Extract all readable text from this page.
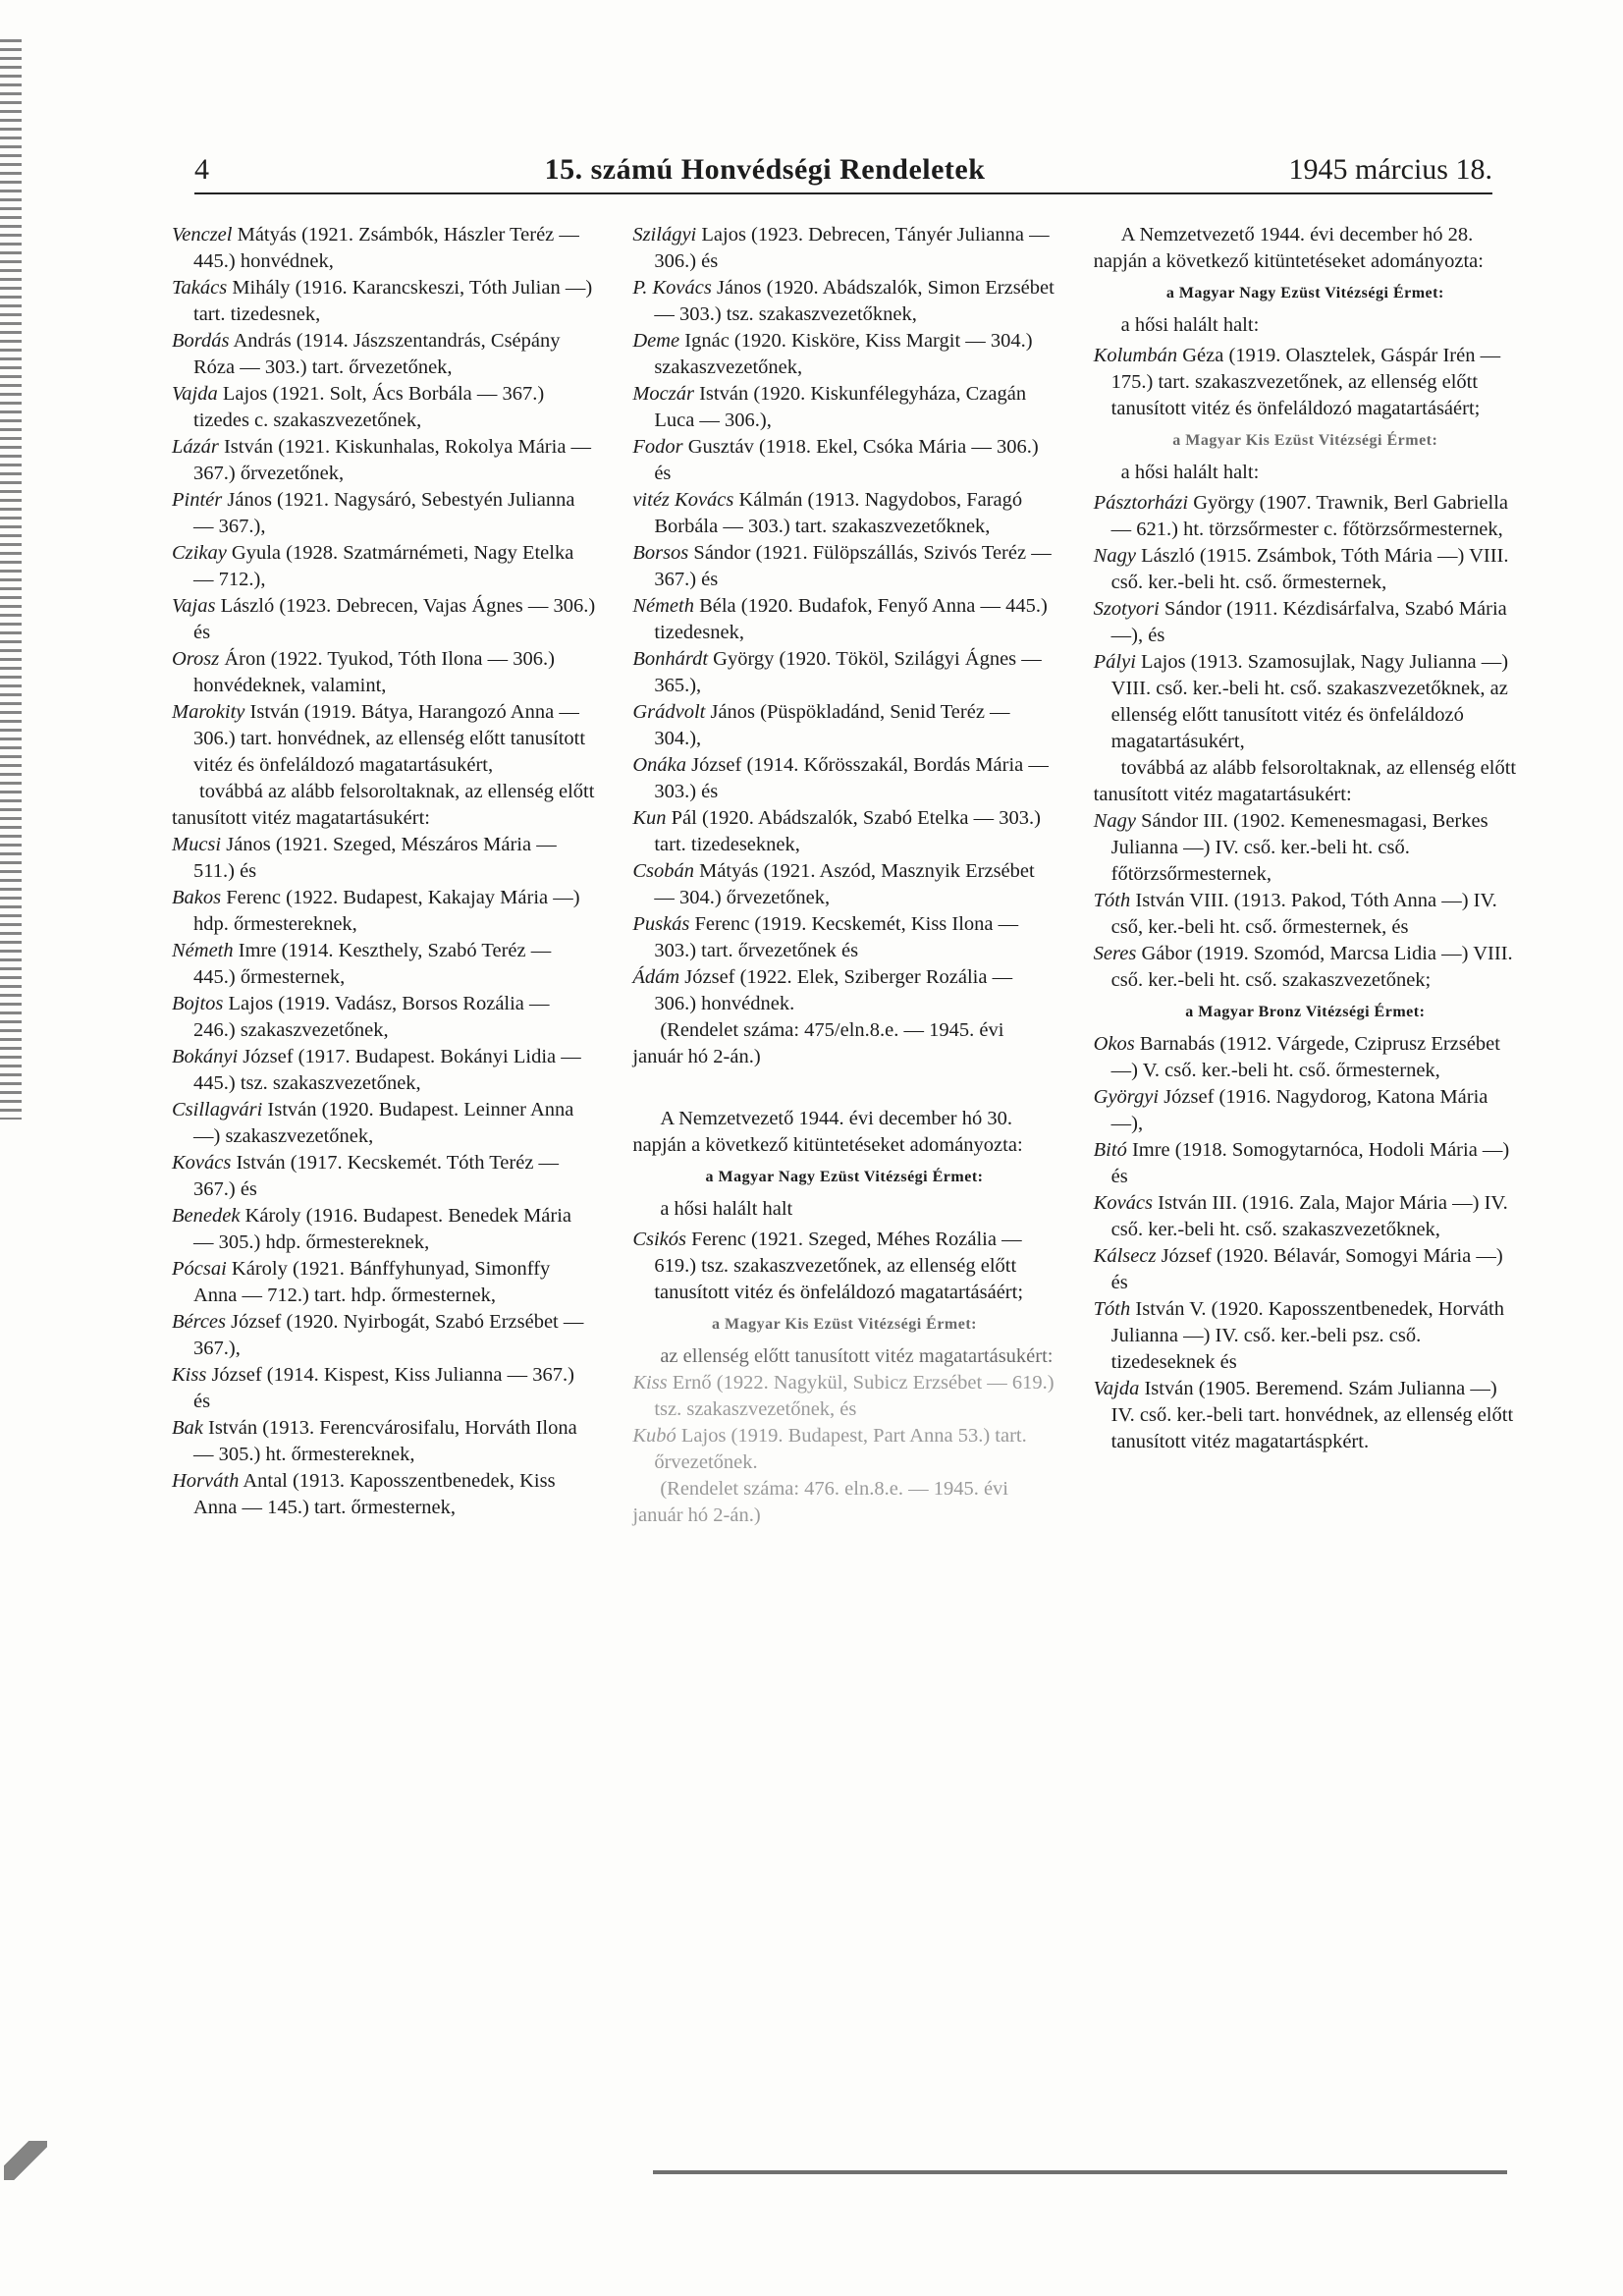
4	15. számú Honvédségi Rendeletek	1945 március 18.

Venczel Mátyás (1921. Zsámbók, Hászler Teréz — 445.) honvédnek,

Takács Mihály (1916. Karancskeszi, Tóth Julian —) tart. tizedesnek,

Bordás András (1914. Jászszentandrás, Csépány Róza — 303.) tart. őrvezetőnek,

Vajda Lajos (1921. Solt, Ács Borbála — 367.) tizedes c. szakaszvezetőnek,

Lázár István (1921. Kiskunhalas, Rokolya Mária — 367.) őrvezetőnek,

Pintér János (1921. Nagysáró, Sebestyén Julianna — 367.),

Czikay Gyula (1928. Szatmárnémeti, Nagy Etelka — 712.),

Vajas László (1923. Debrecen, Vajas Ágnes — 306.) és

Orosz Áron (1922. Tyukod, Tóth Ilona — 306.) honvédeknek, valamint,

Marokity István (1919. Bátya, Harangozó Anna — 306.) tart. honvédnek, az ellenség előtt tanusított vitéz és önfeláldozó magatartásukért,

továbbá az alább felsoroltaknak, az ellenség előtt tanusított vitéz magatartásukért:

Mucsi János (1921. Szeged, Mészáros Mária — 511.) és

Bakos Ferenc (1922. Budapest, Kakajay Mária —) hdp. őrmestereknek,

Németh Imre (1914. Keszthely, Szabó Teréz — 445.) őrmesternek,

Bojtos Lajos (1919. Vadász, Borsos Rozália — 246.) szakaszvezetőnek,

Bokányi József (1917. Budapest. Bokányi Lidia — 445.) tsz. szakaszvezetőnek,

Csillagvári István (1920. Budapest. Leinner Anna —) szakaszvezetőnek,

Kovács István (1917. Kecskemét. Tóth Teréz — 367.) és

Benedek Károly (1916. Budapest. Benedek Mária — 305.) hdp. őrmestereknek,

Pócsai Károly (1921. Bánffyhunyad, Simonffy Anna — 712.) tart. hdp. őrmesternek,

Bérces József (1920. Nyirbogát, Szabó Erzsébet — 367.),

Kiss József (1914. Kispest, Kiss Julianna — 367.) és

Bak István (1913. Ferencvárosifalu, Horváth Ilona — 305.) ht. őrmestereknek,

Horváth Antal (1913. Kaposszentbenedek, Kiss Anna — 145.) tart. őrmesternek,

Szilágyi Lajos (1923. Debrecen, Tányér Julianna — 306.) és

P. Kovács János (1920. Abádszalók, Simon Erzsébet — 303.) tsz. szakaszvezetőknek,

Deme Ignác (1920. Kisköre, Kiss Margit — 304.) szakaszvezetőnek,

Moczár István (1920. Kiskunfélegyháza, Czagán Luca — 306.),

Fodor Gusztáv (1918. Ekel, Csóka Mária — 306.) és

vitéz Kovács Kálmán (1913. Nagydobos, Faragó Borbála — 303.) tart. szakaszvezetőknek,

Borsos Sándor (1921. Fülöpszállás, Szivós Teréz — 367.) és

Németh Béla (1920. Budafok, Fenyő Anna — 445.) tizedesnek,

Bonhárdt György (1920. Tököl, Szilágyi Ágnes — 365.),

Grádvolt János (Püspökladánd, Senid Teréz — 304.),

Onáka József (1914. Kőrösszakál, Bordás Mária — 303.) és

Kun Pál (1920. Abádszalók, Szabó Etelka — 303.) tart. tizedeseknek,

Csobán Mátyás (1921. Aszód, Masznyik Erzsébet — 304.) őrvezetőnek,

Puskás Ferenc (1919. Kecskemét, Kiss Ilona — 303.) tart. őrvezetőnek és

Ádám József (1922. Elek, Sziberger Rozália — 306.) honvédnek.

(Rendelet száma: 475/eln.8.e. — 1945. évi január hó 2-án.)

A Nemzetvezető 1944. évi december hó 30. napján a következő kitüntetéseket adományozta:

a Magyar Nagy Ezüst Vitézségi Érmet:

a hősi halált halt

Csikós Ferenc (1921. Szeged, Méhes Rozália — 619.) tsz. szakaszvezetőnek, az ellenség előtt tanusított vitéz és önfeláldozó magatartásáért;

a Magyar Kis Ezüst Vitézségi Érmet:

az ellenség előtt tanusított vitéz magatartásukért:

Kiss Ernő (1922. Nagykül, Subicz Erzsébet — 619.) tsz. szakaszvezetőnek, és

Kubó Lajos (1919. Budapest, Part Anna 53.) tart. őrvezetőnek.

(Rendelet száma: 476. eln.8.e. — 1945. évi január hó 2-án.)

A Nemzetvezető 1944. évi december hó 28. napján a következő kitüntetéseket adományozta:

a Magyar Nagy Ezüst Vitézségi Érmet:

a hősi halált halt:

Kolumbán Géza (1919. Olasztelek, Gáspár Irén — 175.) tart. szakaszvezetőnek, az ellenség előtt tanusított vitéz és önfeláldozó magatartásáért;

a Magyar Kis Ezüst Vitézségi Érmet:

a hősi halált halt:

Pásztorházi György (1907. Trawnik, Berl Gabriella — 621.) ht. törzsőrmester c. főtörzsőrmesternek,

Nagy László (1915. Zsámbok, Tóth Mária —) VIII. cső. ker.-beli ht. cső. őrmesternek,

Szotyori Sándor (1911. Kézdisárfalva, Szabó Mária —), és

Pályi Lajos (1913. Szamosujlak, Nagy Julianna —) VIII. cső. ker.-beli ht. cső. szakaszvezetőknek, az ellenség előtt tanusított vitéz és önfeláldozó magatartásukért,

továbbá az alább felsoroltaknak, az ellenség előtt tanusított vitéz magatartásukért:

Nagy Sándor III. (1902. Kemenesmagasi, Berkes Julianna —) IV. cső. ker.-beli ht. cső. főtörzsőrmesternek,

Tóth István VIII. (1913. Pakod, Tóth Anna —) IV. cső, ker.-beli ht. cső. őrmesternek, és

Seres Gábor (1919. Szomód, Marcsa Lidia —) VIII. cső. ker.-beli ht. cső. szakaszvezetőnek;

a Magyar Bronz Vitézségi Érmet:

Okos Barnabás (1912. Várgede, Cziprusz Erzsébet —) V. cső. ker.-beli ht. cső. őrmesternek,

Györgyi József (1916. Nagydorog, Katona Mária —),

Bitó Imre (1918. Somogytarnóca, Hodoli Mária —) és

Kovács István III. (1916. Zala, Major Mária —) IV. cső. ker.-beli ht. cső. szakaszvezetőknek,

Kálsecz József (1920. Bélavár, Somogyi Mária —) és

Tóth István V. (1920. Kaposszentbenedek, Horváth Julianna —) IV. cső. ker.-beli psz. cső. tizedeseknek és

Vajda István (1905. Beremend. Szám Julianna —) IV. cső. ker.-beli tart. honvédnek, az ellenség előtt tanusított vitéz magatartáspkért.
